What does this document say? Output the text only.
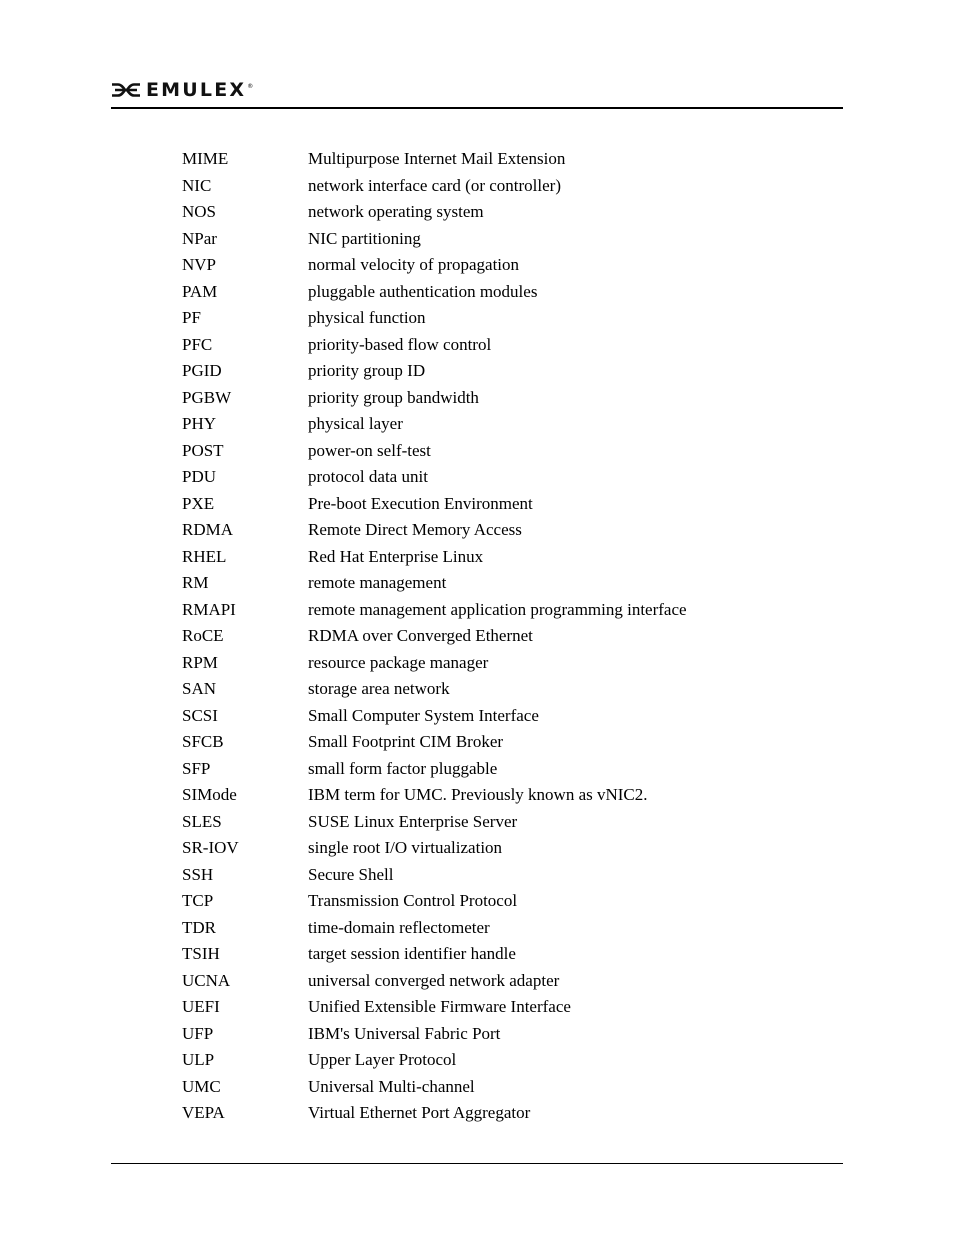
EMULEX ®
MIME	Multipurpose Internet Mail Extension
NIC	network interface card (or controller)
NOS	network operating system
NPar	NIC partitioning
NVP	normal velocity of propagation
PAM	pluggable authentication modules
PF	physical function
PFC	priority-based flow control
PGID	priority group ID
PGBW	priority group bandwidth
PHY	physical layer
POST	power-on self-test
PDU	protocol data unit
PXE	Pre-boot Execution Environment
RDMA	Remote Direct Memory Access
RHEL	Red Hat Enterprise Linux
RM	remote management
RMAPI	remote management application programming interface
RoCE	RDMA over Converged Ethernet
RPM	resource package manager
SAN	storage area network
SCSI	Small Computer System Interface
SFCB	Small Footprint CIM Broker
SFP	small form factor pluggable
SIMode	IBM term for UMC. Previously known as vNIC2.
SLES	SUSE Linux Enterprise Server
SR-IOV	single root I/O virtualization
SSH	Secure Shell
TCP	Transmission Control Protocol
TDR	time-domain reflectometer
TSIH	target session identifier handle
UCNA	universal converged network adapter
UEFI	Unified Extensible Firmware Interface
UFP	IBM's Universal Fabric Port
ULP	Upper Layer Protocol
UMC	Universal Multi-channel
VEPA	Virtual Ethernet Port Aggregator
